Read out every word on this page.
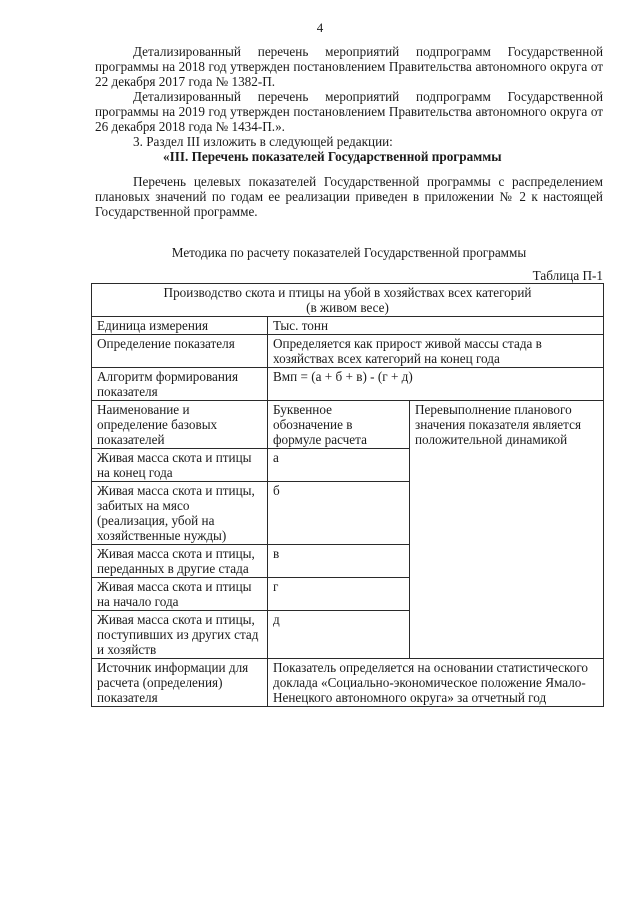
4

Детализированный перечень мероприятий подпрограмм Государственной программы на 2018 год утвержден постановлением Правительства автономного округа от 22 декабря 2017 года № 1382-П.

Детализированный перечень мероприятий подпрограмм Государственной программы на 2019 год утвержден постановлением Правительства автономного округа от 26 декабря 2018 года № 1434-П.».

3. Раздел III изложить в следующей редакции:

«III. Перечень показателей Государственной программы

Перечень целевых показателей Государственной программы с распределением плановых значений по годам ее реализации приведен в приложении № 2 к настоящей Государственной программе.

Методика по расчету показателей Государственной программы

Таблица П-1
Производство скота и птицы на убой в хозяйствах всех категорий
(в живом весе)		

Единица измерения	Тыс. тонн	
Определение показателя	Определяется как прирост живой массы стада в хозяйствах всех категорий на конец года	
Алгоритм формирования показателя	Вмп = (а + б + в) - (г + д)	
Наименование и определение базовых показателей	Буквенное обозначение в формуле расчета	Перевыполнение планового значения показателя является положительной динамикой
Живая масса скота и птицы на конец года	а	
Живая масса скота и птицы, забитых на мясо (реализация, убой на хозяйственные нужды)	б	
Живая масса скота и птицы, переданных в другие стада	в	
Живая масса скота и птицы на начало года	г	
Живая масса скота и птицы, поступивших из других стад и хозяйств	д	
Источник информации для расчета (определения) показателя	Показатель определяется на основании статистического доклада «Социально-экономическое положение Ямало-Ненецкого автономного округа» за отчетный год	
